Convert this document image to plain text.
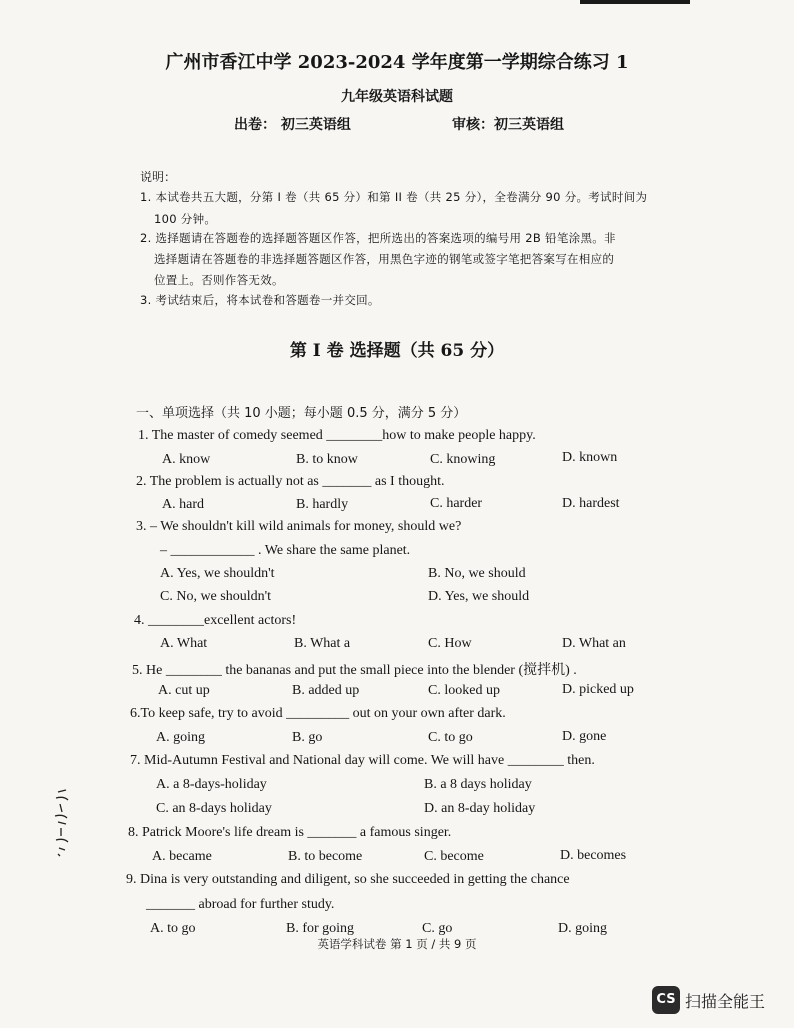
广州市香江中学 2023-2024 学年度第一学期综合练习 1
九年级英语科试题
出卷： 初三英语组	审核：初三英语组
说明：
1. 本试卷共五大题，分第 I 卷（共 65 分）和第 II 卷（共 25 分），全卷满分 90 分。考试时间为
100 分钟。
2. 选择题请在答题卷的选择题答题区作答，把所选出的答案选项的编号用 2B 铅笔涂黑。非
选择题请在答题卷的非选择题答题区作答，用黑色字迹的钢笔或签字笔把答案写在相应的
位置上。否则作答无效。
3. 考试结束后，将本试卷和答题卷一并交回。
第 I 卷 选择题（共 65 分）
一、单项选择（共 10 小题；每小题 0.5 分，满分 5 分）
1. The master of comedy seemed ________how to make people happy.
A. know	B. to know	C. knowing	D. known
2. The problem is actually not as _______ as I thought.
A. hard	B. hardly	C. harder	D. hardest
3. – We shouldn't kill wild animals for money, should we?
– ____________ . We share the same planet.
A. Yes, we shouldn't	B. No, we should
C. No, we shouldn't	D. Yes, we should
4. ________excellent actors!
A. What	B. What a	C. How	D. What an
5. He ________ the bananas and put the small piece into the blender (搅拌机) .
A. cut up	B. added up	C. looked up	D. picked up
6.To keep safe, try to avoid _________ out on your own after dark.
A. going	B. go	C. to go	D. gone
7. Mid-Autumn Festival and National day will come. We will have ________ then.
A. a 8-days-holiday	B. a 8 days holiday
C. an 8-days holiday	D. an 8-day holiday
8. Patrick Moore's life dream is _______ a famous singer.
A. became	B. to become	C. become	D. becomes
9. Dina is very outstanding and diligent, so she succeeded in getting the chance
_______ abroad for further study.
A. to go	B. for going	C. go	D. going
英语学科试卷 第 1 页 / 共 9 页
CS 扫描全能王
